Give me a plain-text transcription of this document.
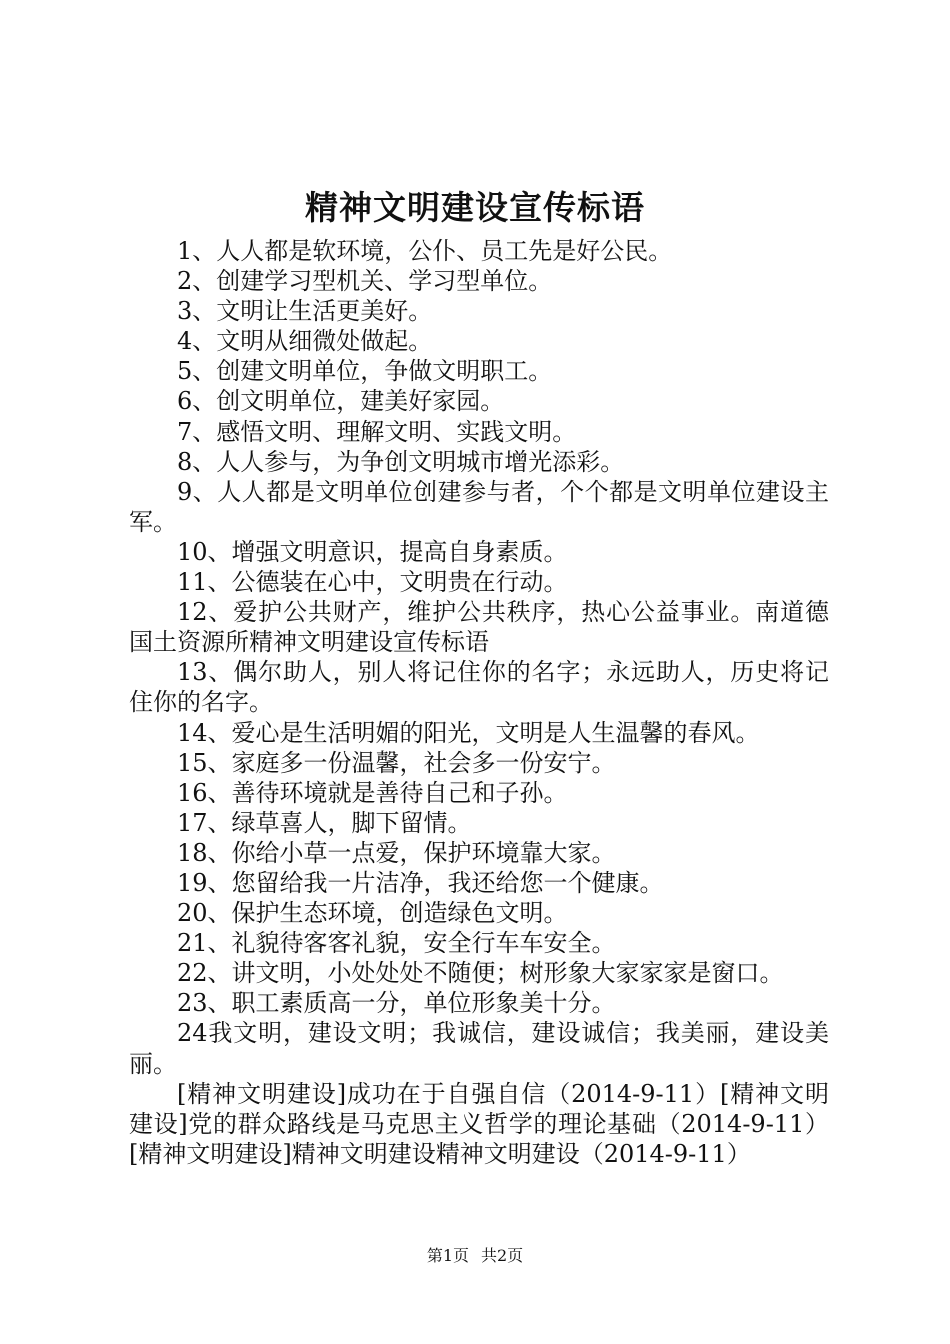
精神文明建设宣传标语

1、人人都是软环境，公仆、员工先是好公民。

2、创建学习型机关、学习型单位。

3、文明让生活更美好。

4、文明从细微处做起。

5、创建文明单位，争做文明职工。

6、创文明单位，建美好家园。

7、感悟文明、理解文明、实践文明。

8、人人参与，为争创文明城市增光添彩。

9、人人都是文明单位创建参与者，个个都是文明单位建设主军。

10、增强文明意识，提高自身素质。

11、公德装在心中，文明贵在行动。

12、爱护公共财产，维护公共秩序，热心公益事业。南道德国土资源所精神文明建设宣传标语

13、偶尔助人，别人将记住你的名字；永远助人，历史将记住你的名字。

14、爱心是生活明媚的阳光，文明是人生温馨的春风。

15、家庭多一份温馨，社会多一份安宁。

16、善待环境就是善待自己和子孙。

17、绿草喜人，脚下留情。

18、你给小草一点爱，保护环境靠大家。

19、您留给我一片洁净，我还给您一个健康。

20、保护生态环境，创造绿色文明。

21、礼貌待客客礼貌，安全行车车安全。

22、讲文明，小处处处不随便；树形象大家家家是窗口。

23、职工素质高一分，单位形象美十分。

24我文明，建设文明；我诚信，建设诚信；我美丽，建设美丽。

[精神文明建设]成功在于自强自信（2014-9-11）[精神文明建设]党的群众路线是马克思主义哲学的理论基础（2014-9-11）[精神文明建设]精神文明建设精神文明建设（2014-9-11）

第1页 共2页
